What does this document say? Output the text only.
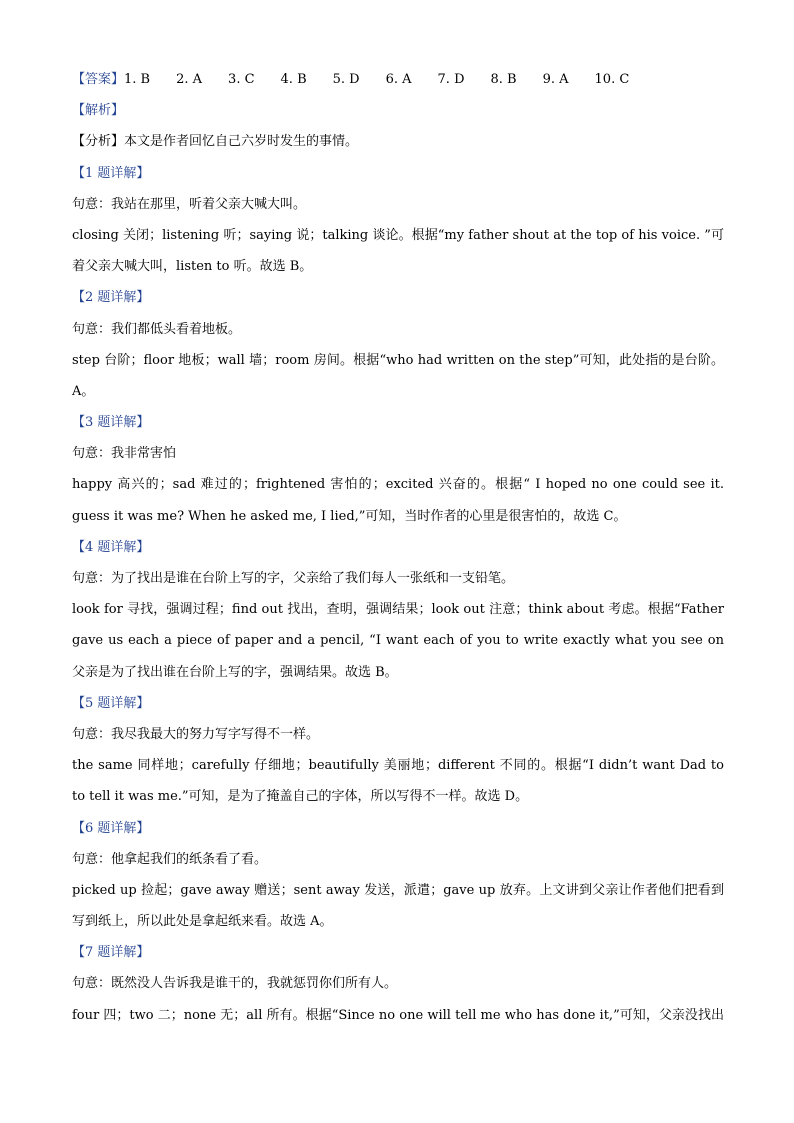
【答案】1. B 2. A 3. C 4. B 5. D 6. A 7. D 8. B 9. A 10. C
【解析】
【分析】本文是作者回忆自己六岁时发生的事情。
【1 题详解】
句意：我站在那里，听着父亲大喊大叫。
closing 关闭；listening 听；saying 说；talking 谈论。根据“my father shout at the top of his voice. ”可
着父亲大喊大叫，listen to 听。故选 B。
【2 题详解】
句意：我们都低头看着地板。
step 台阶；floor 地板；wall 墙；room 房间。根据“who had written on the step”可知，此处指的是台阶。
A。
【3 题详解】
句意：我非常害怕
happy 高兴的；sad 难过的；frightened 害怕的；excited 兴奋的。根据“ I hoped no one could see it.
guess it was me? When he asked me, I lied,”可知，当时作者的心里是很害怕的，故选 C。
【4 题详解】
句意：为了找出是谁在台阶上写的字，父亲给了我们每人一张纸和一支铅笔。
look for 寻找，强调过程；find out 找出，查明，强调结果；look out 注意；think about 考虑。根据“Father
gave us each a piece of paper and a pencil, “I want each of you to write exactly what you see on
父亲是为了找出谁在台阶上写的字，强调结果。故选 B。
【5 题详解】
句意：我尽我最大的努力写字写得不一样。
the same 同样地；carefully 仔细地；beautifully 美丽地；different 不同的。根据“I didn’t want Dad to
to tell it was me.”可知，是为了掩盖自己的字体，所以写得不一样。故选 D。
【6 题详解】
句意：他拿起我们的纸条看了看。
picked up 捡起；gave away 赠送；sent away 发送，派遣；gave up 放弃。上文讲到父亲让作者他们把看到
写到纸上，所以此处是拿起纸来看。故选 A。
【7 题详解】
句意：既然没人告诉我是谁干的，我就惩罚你们所有人。
four 四；two 二；none 无；all 所有。根据“Since no one will tell me who has done it,”可知，父亲没找出
